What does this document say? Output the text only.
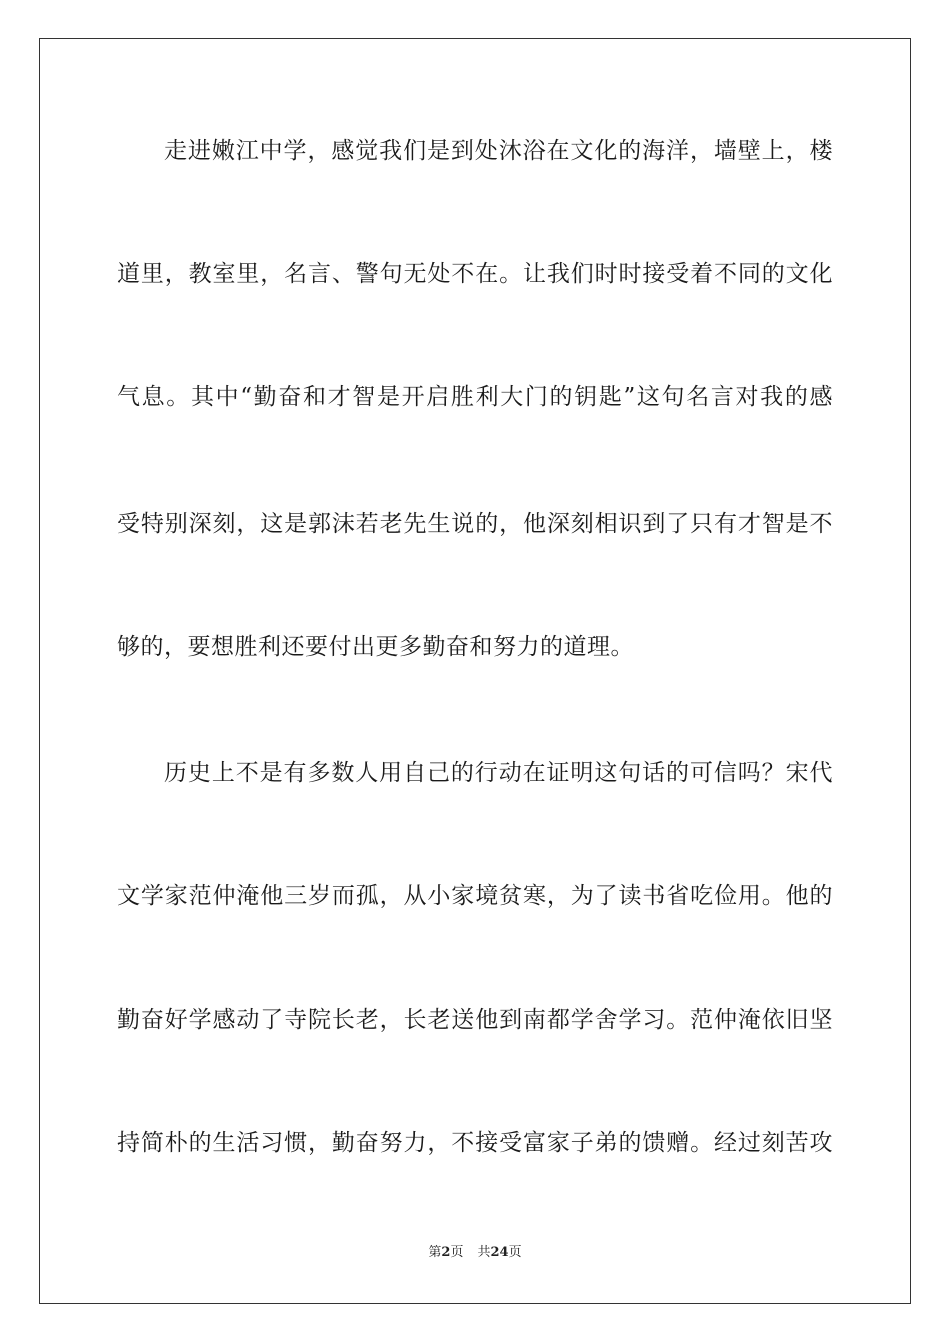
走进嫩江中学，感觉我们是到处沐浴在文化的海洋，墙壁上，楼
道里，教室里，名言、警句无处不在。让我们时时接受着不同的文化
气息。其中“勤奋和才智是开启胜利大门的钥匙”这句名言对我的感
受特别深刻，这是郭沫若老先生说的，他深刻相识到了只有才智是不
够的，要想胜利还要付出更多勤奋和努力的道理。
历史上不是有多数人用自己的行动在证明这句话的可信吗？宋代
文学家范仲淹他三岁而孤，从小家境贫寒，为了读书省吃俭用。他的
勤奋好学感动了寺院长老，长老送他到南都学舍学习。范仲淹依旧坚
持简朴的生活习惯，勤奋努力，不接受富家子弟的馈赠。经过刻苦攻
第2页 共24页
